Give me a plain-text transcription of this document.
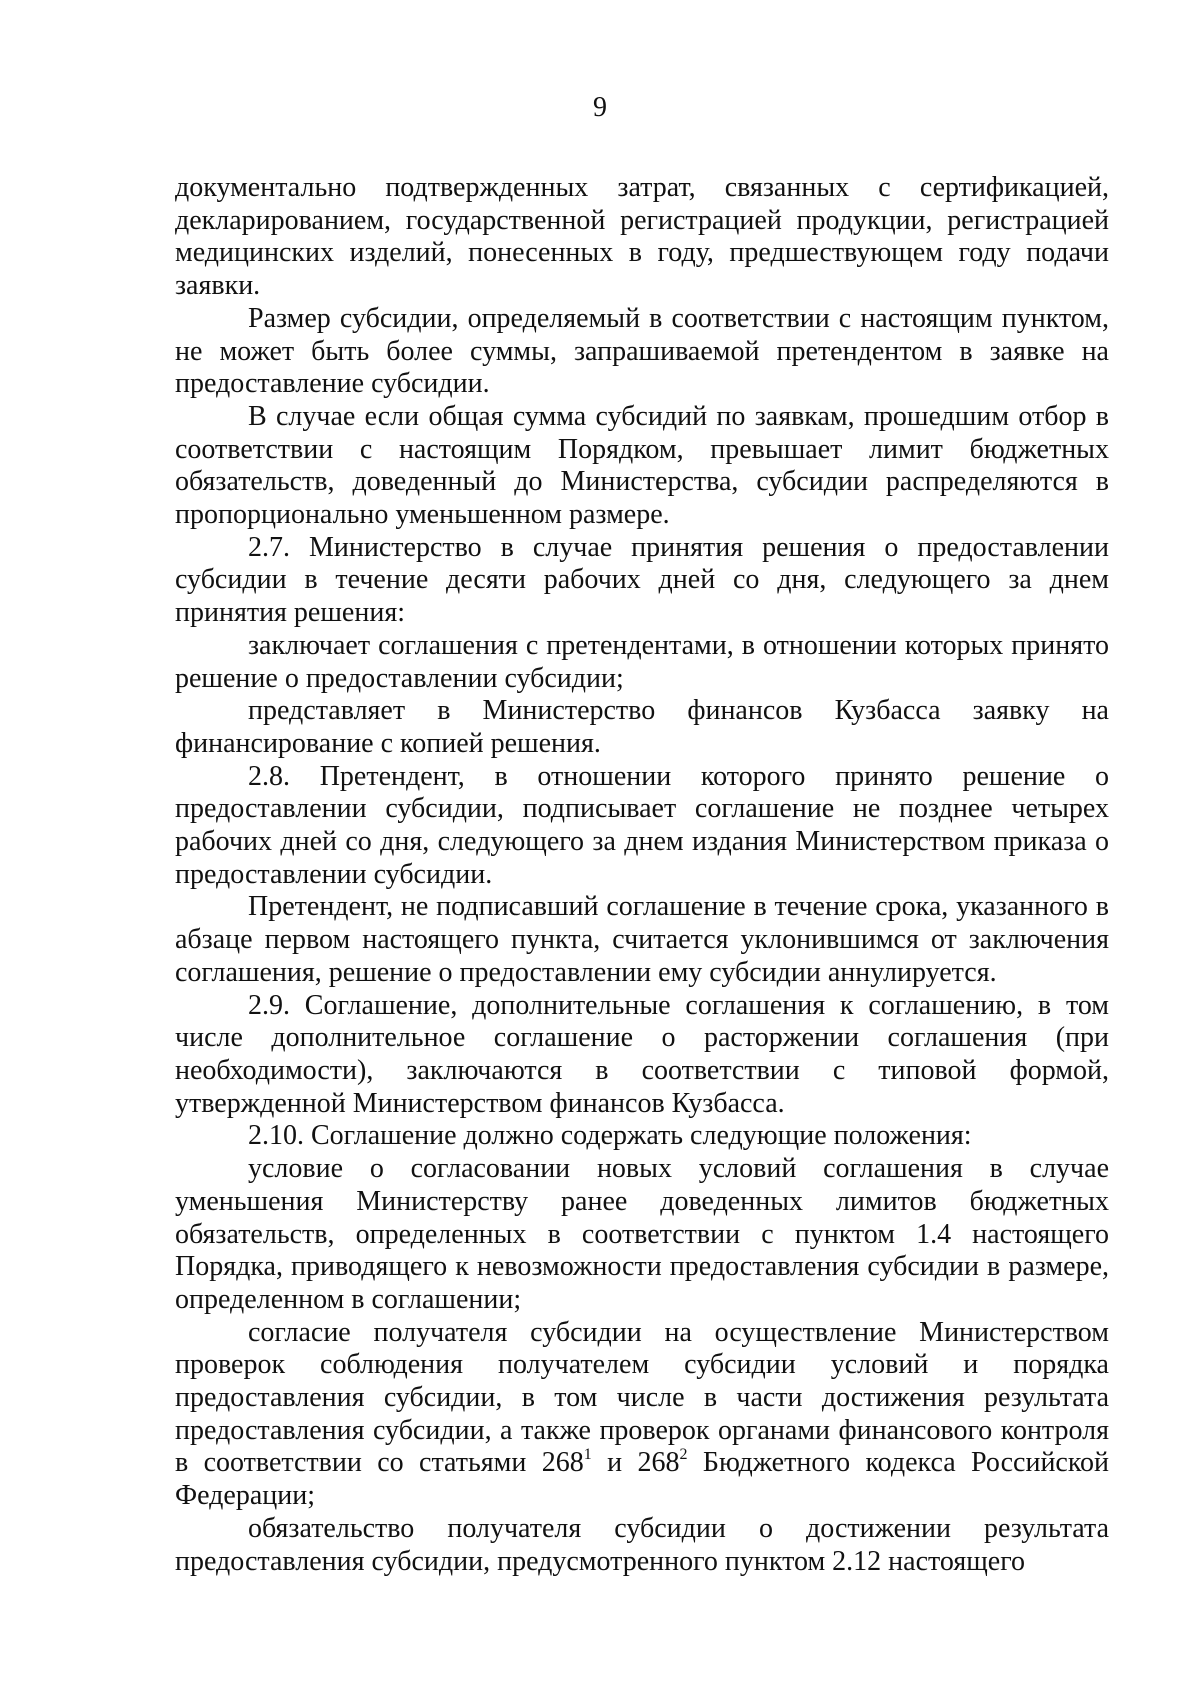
9

документально подтвержденных затрат, связанных с сертификацией, декларированием, государственной регистрацией продукции, регистрацией медицинских изделий, понесенных в году, предшествующем году подачи заявки.

Размер субсидии, определяемый в соответствии с настоящим пунктом, не может быть более суммы, запрашиваемой претендентом в заявке на предоставление субсидии.

В случае если общая сумма субсидий по заявкам, прошедшим отбор в соответствии с настоящим Порядком, превышает лимит бюджетных обязательств, доведенный до Министерства, субсидии распределяются в пропорционально уменьшенном размере.

2.7. Министерство в случае принятия решения о предоставлении субсидии в течение десяти рабочих дней со дня, следующего за днем принятия решения:

заключает соглашения с претендентами, в отношении которых принято решение о предоставлении субсидии;

представляет в Министерство финансов Кузбасса заявку на финансирование с копией решения.

2.8. Претендент, в отношении которого принято решение о предоставлении субсидии, подписывает соглашение не позднее четырех рабочих дней со дня, следующего за днем издания Министерством приказа о предоставлении субсидии.

Претендент, не подписавший соглашение в течение срока, указанного в абзаце первом настоящего пункта, считается уклонившимся от заключения соглашения, решение о предоставлении ему субсидии аннулируется.

2.9. Соглашение, дополнительные соглашения к соглашению, в том числе дополнительное соглашение о расторжении соглашения (при необходимости), заключаются в соответствии с типовой формой, утвержденной Министерством финансов Кузбасса.

2.10. Соглашение должно содержать следующие положения:

условие о согласовании новых условий соглашения в случае уменьшения Министерству ранее доведенных лимитов бюджетных обязательств, определенных в соответствии с пунктом 1.4 настоящего Порядка, приводящего к невозможности предоставления субсидии в размере, определенном в соглашении;

согласие получателя субсидии на осуществление Министерством проверок соблюдения получателем субсидии условий и порядка предоставления субсидии, в том числе в части достижения результата предоставления субсидии, а также проверок органами финансового контроля в соответствии со статьями $268^1$ и $268^2$ Бюджетного кодекса Российской Федерации;

обязательство получателя субсидии о достижении результата предоставления субсидии, предусмотренного пунктом 2.12 настоящего
